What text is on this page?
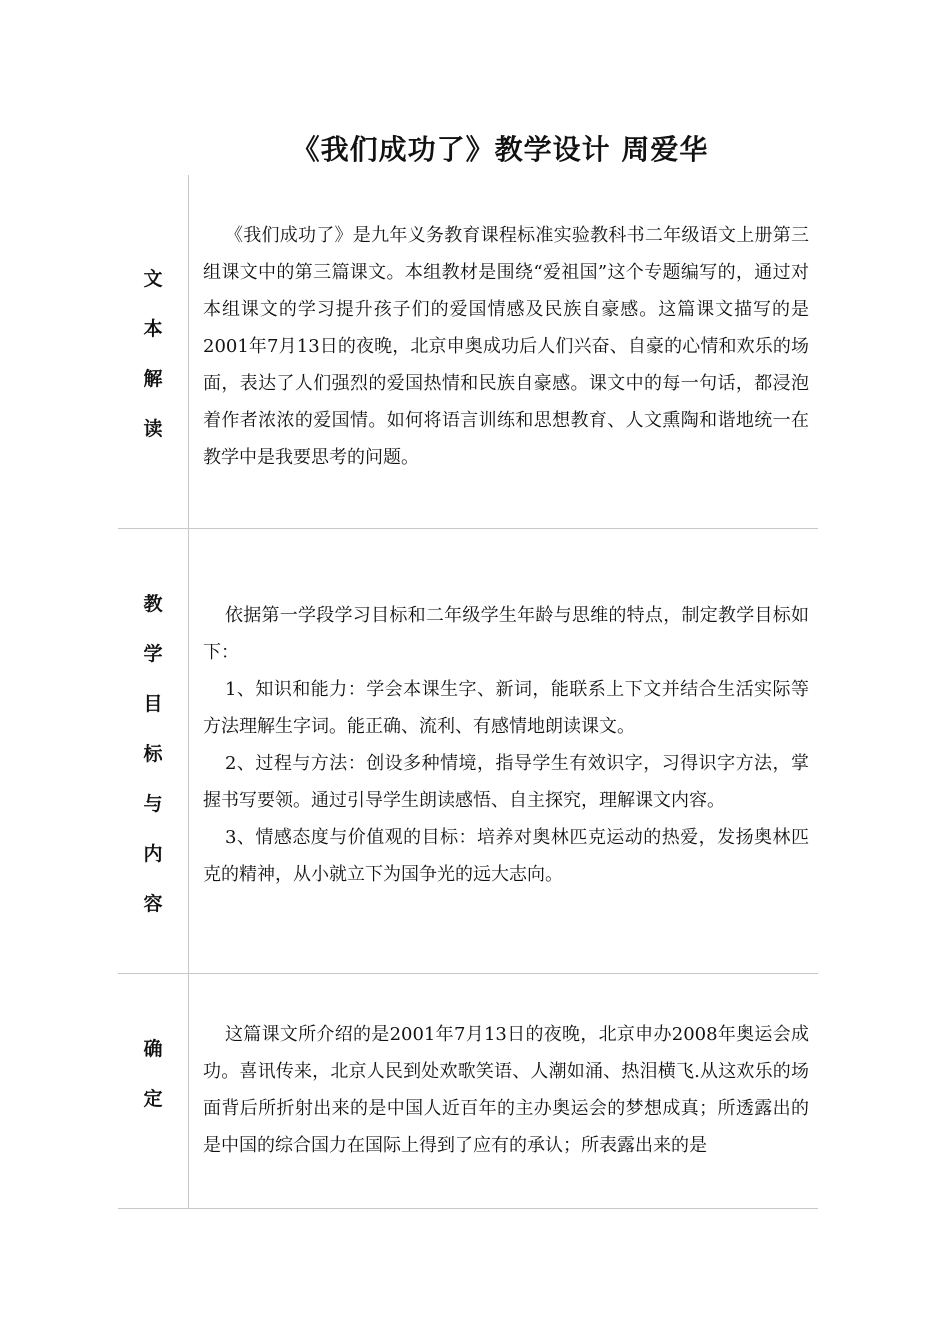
《我们成功了》教学设计 周爱华
文
本
解
读

《我们成功了》是九年义务教育课程标准实验教科书二年级语文上册第三组课文中的第三篇课文。本组教材是围绕“爱祖国”这个专题编写的，通过对本组课文的学习提升孩子们的爱国情感及民族自豪感。这篇课文描写的是2001年7月13日的夜晚，北京申奥成功后人们兴奋、自豪的心情和欢乐的场面，表达了人们强烈的爱国热情和民族自豪感。课文中的每一句话，都浸泡着作者浓浓的爱国情。如何将语言训练和思想教育、人文熏陶和谐地统一在教学中是我要思考的问题。

教
学
目
标
与
内
容

依据第一学段学习目标和二年级学生年龄与思维的特点，制定教学目标如下：

1、知识和能力：学会本课生字、新词，能联系上下文并结合生活实际等方法理解生字词。能正确、流利、有感情地朗读课文。

2、过程与方法：创设多种情境，指导学生有效识字，习得识字方法，掌握书写要领。通过引导学生朗读感悟、自主探究，理解课文内容。

3、情感态度与价值观的目标：培养对奥林匹克运动的热爱，发扬奥林匹克的精神，从小就立下为国争光的远大志向。

确
定

这篇课文所介绍的是2001年7月13日的夜晚，北京申办2008年奥运会成功。喜讯传来，北京人民到处欢歌笑语、人潮如涌、热泪横飞.从这欢乐的场面背后所折射出来的是中国人近百年的主办奥运会的梦想成真；所透露出的是中国的综合国力在国际上得到了应有的承认；所表露出来的是
